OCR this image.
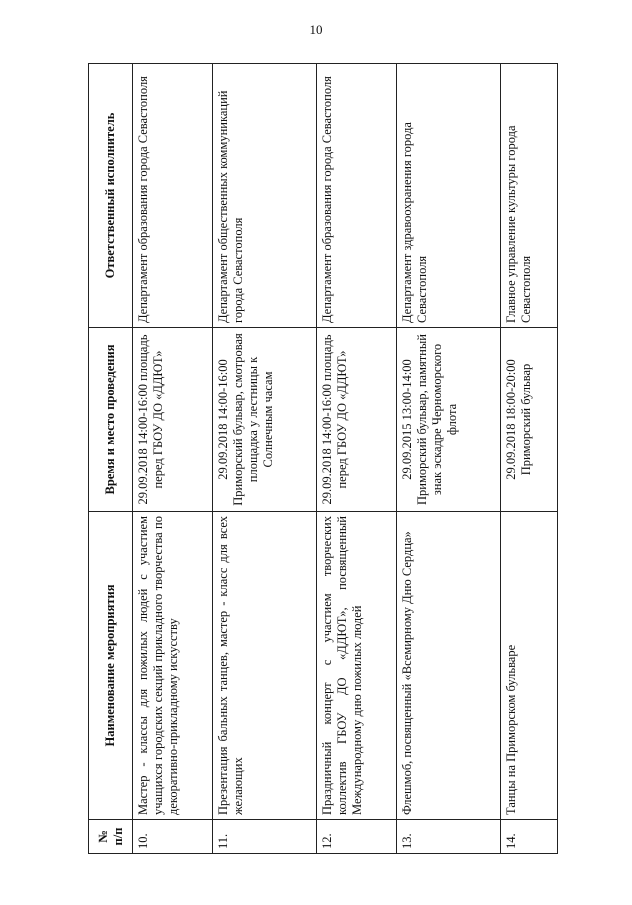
10
№ п/п	Наименование мероприятия	Время и место проведения	Ответственный исполнитель
10.	Мастер - классы для пожилых людей с участием учащихся городских секций прикладного творчества по декоративно-прикладному искусству	29.09.2018 14:00-16:00 площадь перед ГБОУ ДО «ДДЮТ»	Департамент образования города Севастополя
11.	Презентация бальных танцев, мастер - класс для всех желающих	29.09.2018 14:00-16:00 Приморский бульвар, смотровая площадка у лестницы к Солнечным часам	Департамент общественных коммуникаций города Севастополя
12.	Праздничный концерт с участием творческих коллектив ГБОУ ДО «ДДЮТ», посвященный Международному дню пожилых людей	29.09.2018 14:00-16:00 площадь перед ГБОУ ДО «ДДЮТ»	Департамент образования города Севастополя
13.	Флешмоб, посвященный «Всемирному Дню Сердца»	29.09.2015 13:00-14:00 Приморский бульвар, памятный знак эскадре Черноморского флота	Департамент здравоохранения города Севастополя
14.	Танцы на Приморском бульваре	29.09.2018 18:00-20:00 Приморский бульвар	Главное управление культуры города Севастополя
